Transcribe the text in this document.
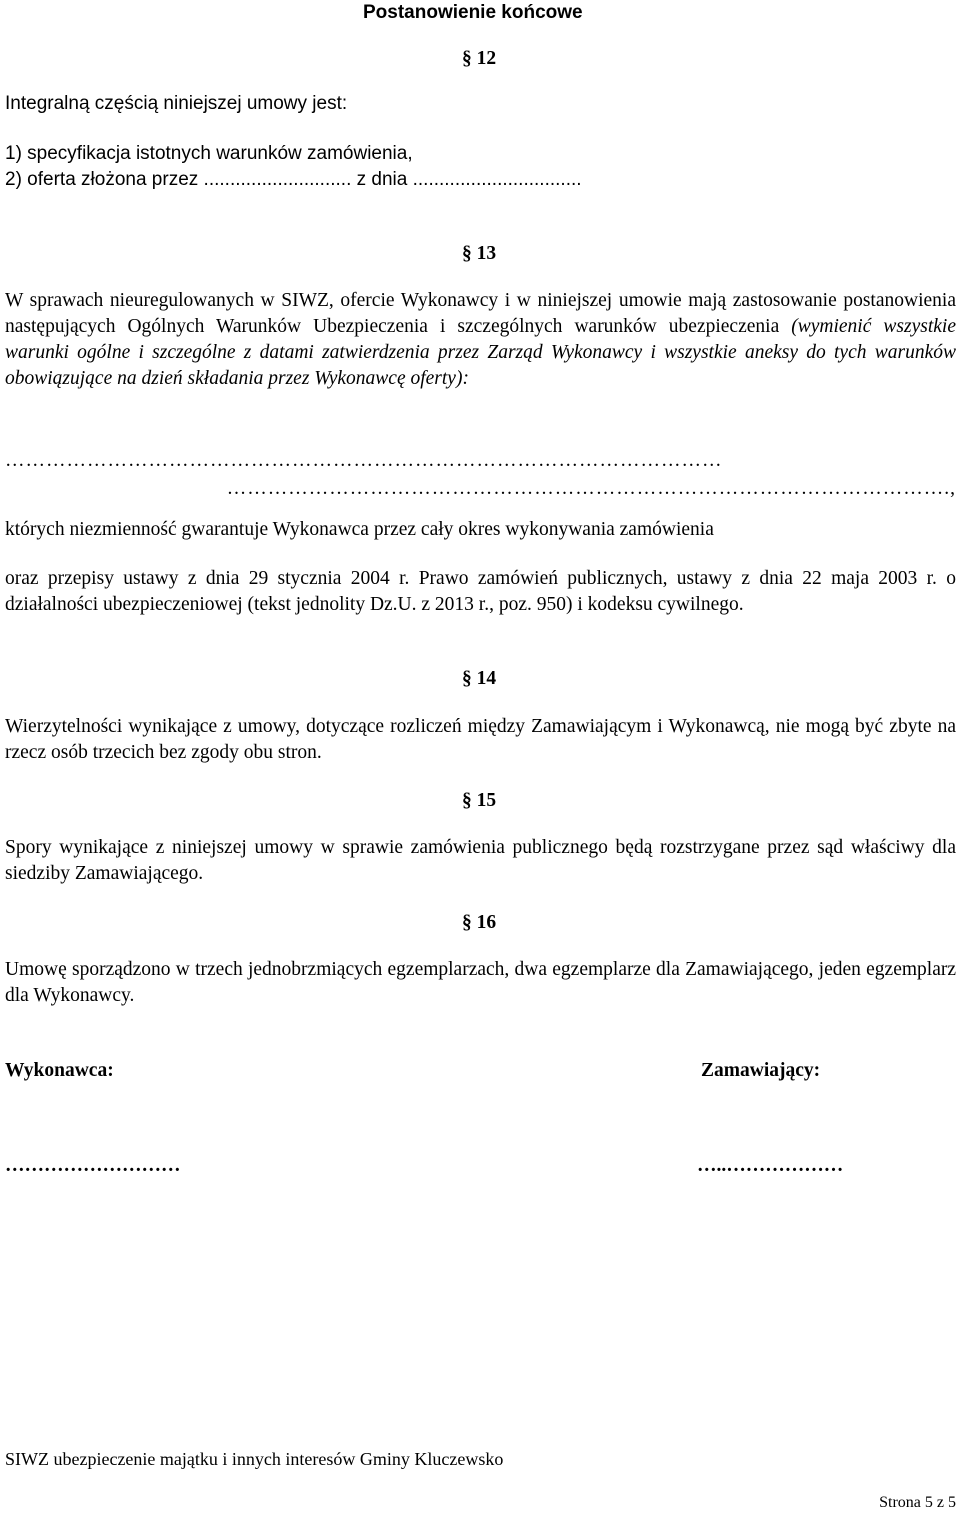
Postanowienie końcowe
§ 12
Integralną częścią niniejszej umowy jest:
1) specyfikacja istotnych warunków zamówienia,
2) oferta złożona przez ............................ z dnia ................................
§ 13

W sprawach nieuregulowanych w SIWZ, ofercie Wykonawcy i w niniejszej umowie mają zastosowanie postanowienia następujących Ogólnych Warunków Ubezpieczenia i szczególnych warunków ubezpieczenia (wymienić wszystkie warunki ogólne i szczególne z datami zatwierdzenia przez Zarząd Wykonawcy i wszystkie aneksy do tych warunków obowiązujące na dzień składania przez Wykonawcę oferty):

……………………………………………………………………………………………
…………………………………………………………………………………………….,
których niezmienność gwarantuje Wykonawca przez cały okres wykonywania zamówienia

oraz przepisy ustawy z dnia 29 stycznia 2004 r. Prawo zamówień publicznych, ustawy z dnia 22 maja 2003 r. o działalności ubezpieczeniowej (tekst jednolity Dz.U. z 2013 r., poz. 950) i kodeksu cywilnego.

§ 14

Wierzytelności wynikające z umowy, dotyczące rozliczeń między Zamawiającym i Wykonawcą, nie mogą być zbyte na rzecz osób trzecich bez zgody obu stron.

§ 15

Spory wynikające z niniejszej umowy w sprawie zamówienia publicznego będą rozstrzygane przez sąd właściwy dla siedziby Zamawiającego.

§ 16

Umowę sporządzono w trzech jednobrzmiących egzemplarzach, dwa egzemplarze dla Zamawiającego, jeden egzemplarz dla Wykonawcy.

Wykonawca:	Zamawiający:
………………………	…..………………
SIWZ ubezpieczenie majątku i innych interesów Gminy Kluczewsko
Strona 5 z 5
